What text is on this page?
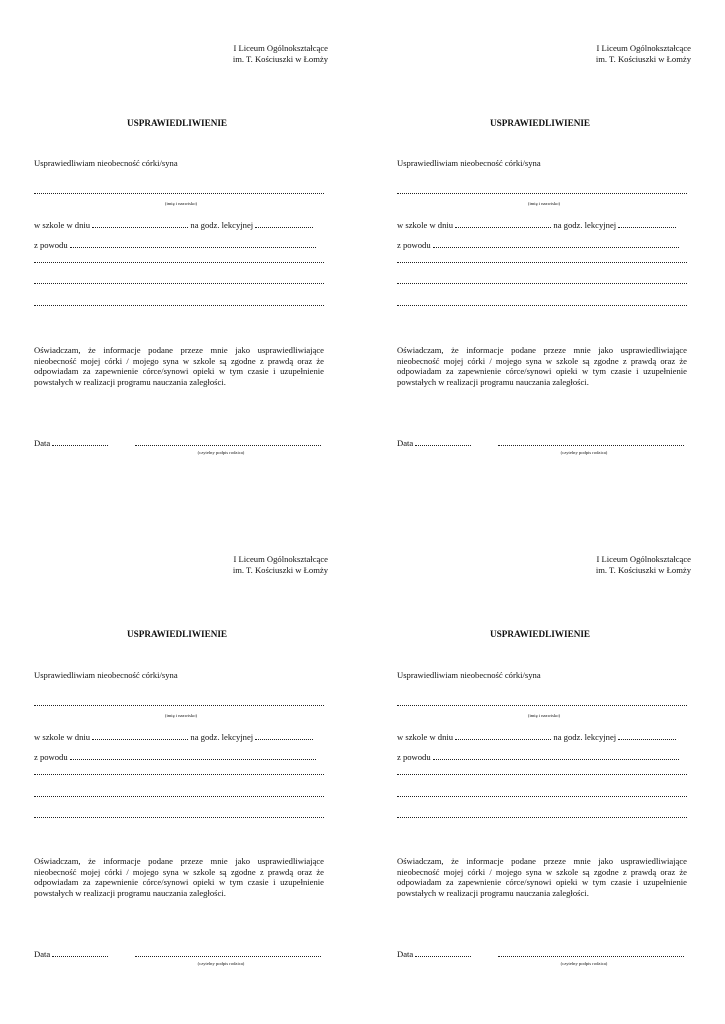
I Liceum Ogólnokształcące
im. T. Kościuszki w Łomży
USPRAWIEDLIWIENIE
Usprawiedliwiam nieobecność córki/syna
(imię i nazwisko)
w szkole w dniu	na godz. lekcyjnej
z powodu
Oświadczam, że informacje podane przeze mnie jako usprawiedliwiające nieobecność mojej córki / mojego syna w szkole są zgodne z prawdą oraz że odpowiadam za zapewnienie córce/synowi opieki w tym czasie i uzupełnienie powstałych w realizacji programu nauczania zaległości.
Data
(czytelny podpis rodzica)
I Liceum Ogólnokształcące
im. T. Kościuszki w Łomży
USPRAWIEDLIWIENIE
Usprawiedliwiam nieobecność córki/syna
(imię i nazwisko)
w szkole w dniu	na godz. lekcyjnej
z powodu
Oświadczam, że informacje podane przeze mnie jako usprawiedliwiające nieobecność mojej córki / mojego syna w szkole są zgodne z prawdą oraz że odpowiadam za zapewnienie córce/synowi opieki w tym czasie i uzupełnienie powstałych w realizacji programu nauczania zaległości.
Data
(czytelny podpis rodzica)
I Liceum Ogólnokształcące
im. T. Kościuszki w Łomży
USPRAWIEDLIWIENIE
Usprawiedliwiam nieobecność córki/syna
(imię i nazwisko)
w szkole w dniu	na godz. lekcyjnej
z powodu
Oświadczam, że informacje podane przeze mnie jako usprawiedliwiające nieobecność mojej córki / mojego syna w szkole są zgodne z prawdą oraz że odpowiadam za zapewnienie córce/synowi opieki w tym czasie i uzupełnienie powstałych w realizacji programu nauczania zaległości.
Data
(czytelny podpis rodzica)
I Liceum Ogólnokształcące
im. T. Kościuszki w Łomży
USPRAWIEDLIWIENIE
Usprawiedliwiam nieobecność córki/syna
(imię i nazwisko)
w szkole w dniu	na godz. lekcyjnej
z powodu
Oświadczam, że informacje podane przeze mnie jako usprawiedliwiające nieobecność mojej córki / mojego syna w szkole są zgodne z prawdą oraz że odpowiadam za zapewnienie córce/synowi opieki w tym czasie i uzupełnienie powstałych w realizacji programu nauczania zaległości.
Data
(czytelny podpis rodzica)
